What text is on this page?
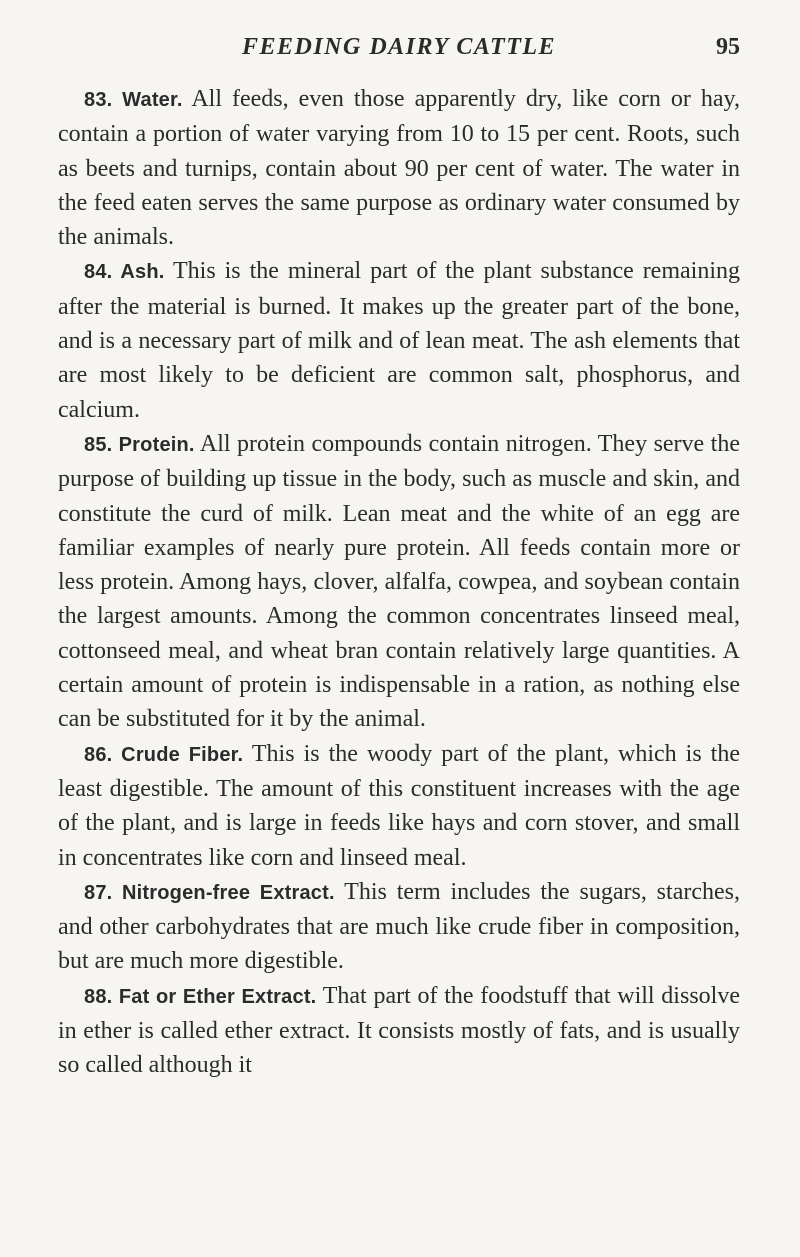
FEEDING DAIRY CATTLE	95

83. Water. All feeds, even those apparently dry, like corn or hay, contain a portion of water varying from 10 to 15 per cent. Roots, such as beets and turnips, contain about 90 per cent of water. The water in the feed eaten serves the same purpose as ordinary water consumed by the animals.

84. Ash. This is the mineral part of the plant substance remaining after the material is burned. It makes up the greater part of the bone, and is a necessary part of milk and of lean meat. The ash elements that are most likely to be deficient are common salt, phosphorus, and calcium.

85. Protein. All protein compounds contain nitrogen. They serve the purpose of building up tissue in the body, such as muscle and skin, and constitute the curd of milk. Lean meat and the white of an egg are familiar examples of nearly pure protein. All feeds contain more or less protein. Among hays, clover, alfalfa, cowpea, and soybean contain the largest amounts. Among the common concentrates linseed meal, cottonseed meal, and wheat bran contain relatively large quantities. A certain amount of protein is indispensable in a ration, as nothing else can be substituted for it by the animal.

86. Crude Fiber. This is the woody part of the plant, which is the least digestible. The amount of this constituent increases with the age of the plant, and is large in feeds like hays and corn stover, and small in concentrates like corn and linseed meal.

87. Nitrogen-free Extract. This term includes the sugars, starches, and other carbohydrates that are much like crude fiber in composition, but are much more digestible.

88. Fat or Ether Extract. That part of the foodstuff that will dissolve in ether is called ether extract. It consists mostly of fats, and is usually so called although it
